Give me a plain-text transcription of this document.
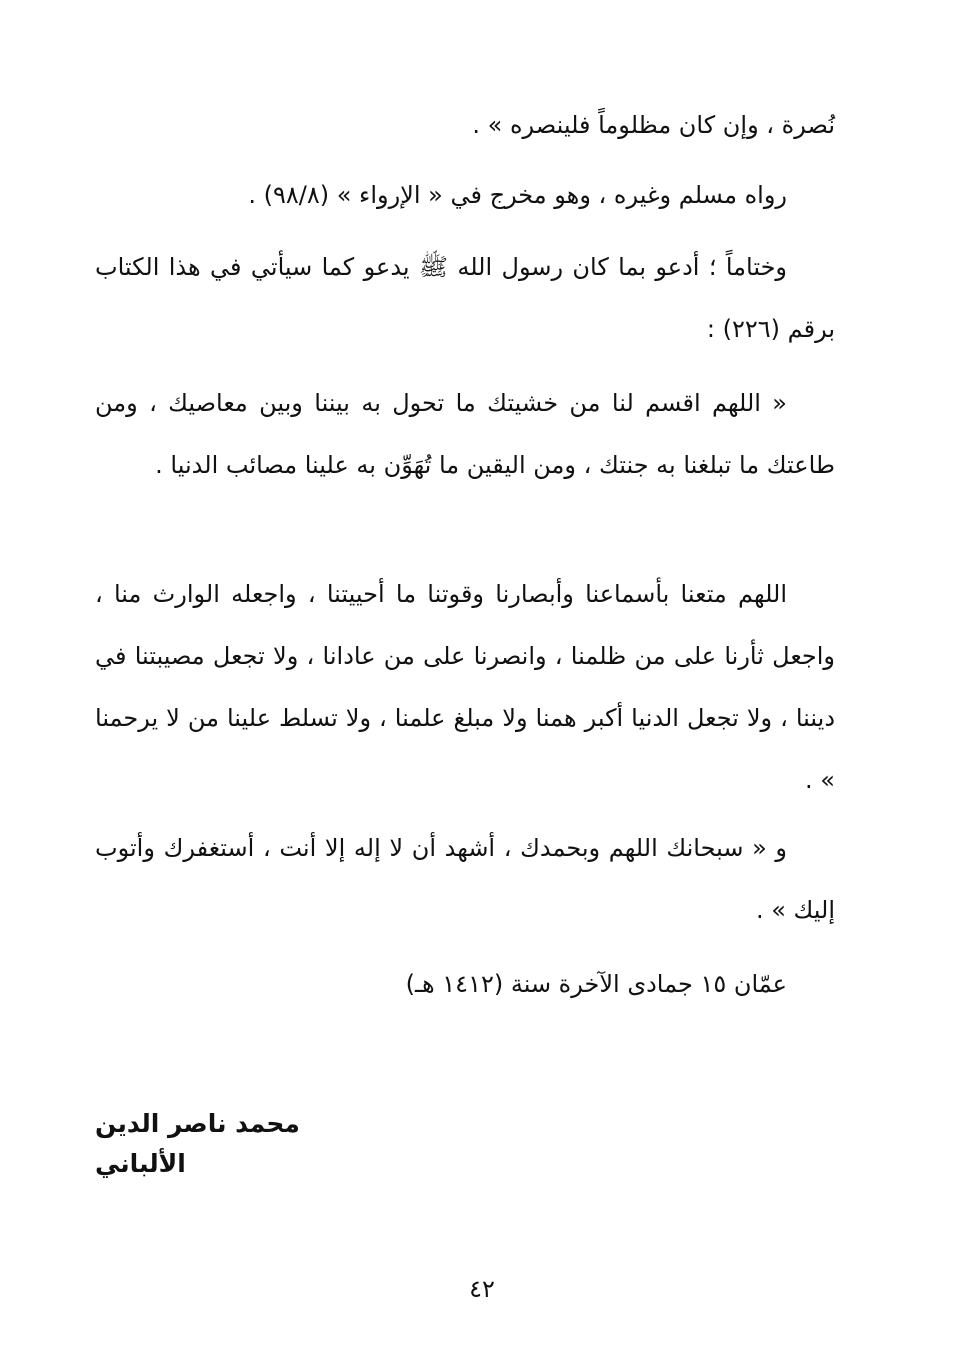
نُصرة ، وإن كان مظلوماً فلينصره » .

رواه مسلم وغيره ، وهو مخرج في « الإرواء » (٩٨/٨) .

وختاماً ؛ أدعو بما كان رسول الله ﷺ يدعو كما سيأتي في هذا الكتاب برقم (٢٢٦) :

« اللهم اقسم لنا من خشيتك ما تحول به بيننا وبين معاصيك ، ومن طاعتك ما تبلغنا به جنتك ، ومن اليقين ما تُهَوِّن به علينا مصائب الدنيا .

اللهم متعنا بأسماعنا وأبصارنا وقوتنا ما أحييتنا ، واجعله الوارث منا ، واجعل ثأرنا على من ظلمنا ، وانصرنا على من عادانا ، ولا تجعل مصيبتنا في ديننا ، ولا تجعل الدنيا أكبر همنا ولا مبلغ علمنا ، ولا تسلط علينا من لا يرحمنا » .

و « سبحانك اللهم وبحمدك ، أشهد أن لا إله إلا أنت ، أستغفرك وأتوب إليك » .

عمّان ١٥ جمادى الآخرة سنة (١٤١٢ هـ)

محمد ناصر الدين الألباني
٤٢
